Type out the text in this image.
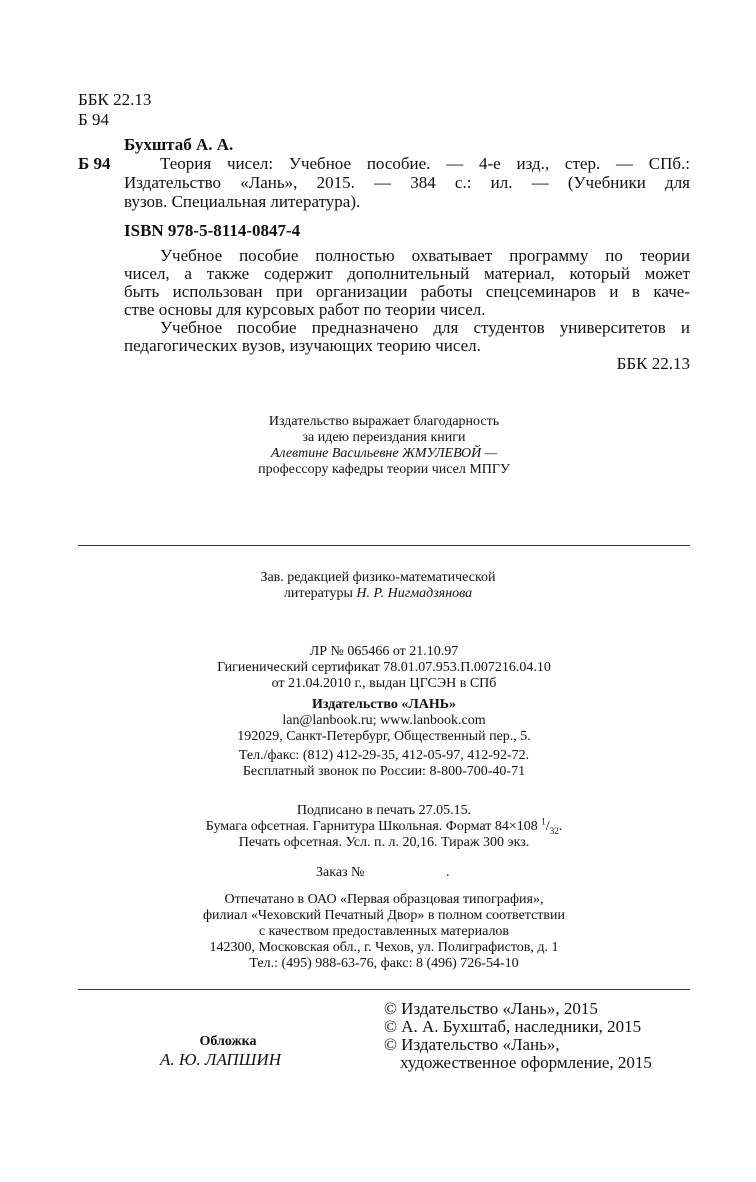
ББК 22.13
Б 94
Бухштаб А. А.
Б 94	Теория чисел: Учебное пособие. — 4-е изд., стер. — СПб.:
Издательство «Лань», 2015. — 384 с.: ил. — (Учебники для
вузов. Специальная литература).
ISBN 978-5-8114-0847-4
Учебное пособие полностью охватывает программу по теории
чисел, а также содержит дополнительный материал, который может
быть использован при организации работы спецсеминаров и в каче-
стве основы для курсовых работ по теории чисел.
Учебное пособие предназначено для студентов университетов и
педагогических вузов, изучающих теорию чисел.
ББК 22.13
Издательство выражает благодарность
за идею переиздания книги
Алевтине Васильевне ЖМУЛЕВОЙ —
профессору кафедры теории чисел МПГУ
Зав. редакцией физико-математической
литературы Н. Р. Нигмадзянова
ЛР № 065466 от 21.10.97
Гигиенический сертификат 78.01.07.953.П.007216.04.10
от 21.04.2010 г., выдан ЦГСЭН в СПб
Издательство «ЛАНЬ»
lan@lanbook.ru; www.lanbook.com
192029, Санкт-Петербург, Общественный пер., 5.
Тел./факс: (812) 412-29-35, 412-05-97, 412-92-72.
Бесплатный звонок по России: 8-800-700-40-71
Подписано в печать 27.05.15.
Бумага офсетная. Гарнитура Школьная. Формат 84×108 $^1/_{32}$.
Печать офсетная. Усл. п. л. 20,16. Тираж 300 экз.
Заказ №	.
Отпечатано в ОАО «Первая образцовая типография»,
филиал «Чеховский Печатный Двор» в полном соответствии
с качеством предоставленных материалов
142300, Московская обл., г. Чехов, ул. Полиграфистов, д. 1
Тел.: (495) 988-63-76, факс: 8 (496) 726-54-10
Обложка
А. Ю. ЛАПШИН
© Издательство «Лань», 2015
© А. А. Бухштаб, наследники, 2015
© Издательство «Лань»,
художественное оформление, 2015
